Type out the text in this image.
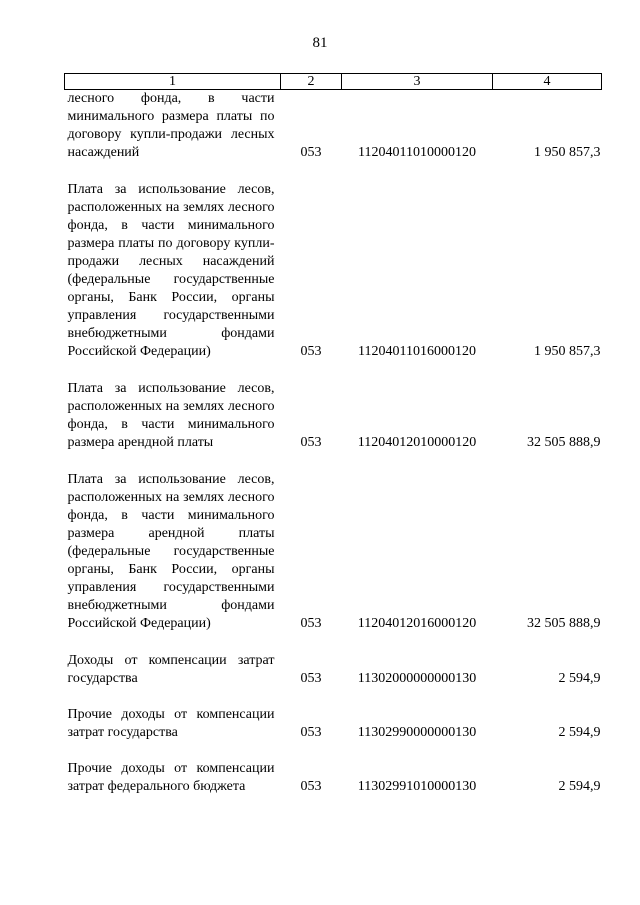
81
1	2	3	4
лесного фонда, в части минимального размера платы по договору купли-продажи лесных насаждений	053	11204011010000120	1 950 857,3

Плата за использование лесов, расположенных на землях лесного фонда, в части минимального размера платы по договору купли-продажи лесных насаждений (федеральные государственные органы, Банк России, органы управления государственными внебюджетными фондами Российской Федерации)	053	11204011016000120	1 950 857,3

Плата за использование лесов, расположенных на землях лесного фонда, в части минимального размера арендной платы	053	11204012010000120	32 505 888,9

Плата за использование лесов, расположенных на землях лесного фонда, в части минимального размера арендной платы (федеральные государственные органы, Банк России, органы управления государственными внебюджетными фондами Российской Федерации)	053	11204012016000120	32 505 888,9

Доходы от компенсации затрат государства	053	11302000000000130	2 594,9

Прочие доходы от компенсации затрат государства	053	11302990000000130	2 594,9

Прочие доходы от компенсации затрат федерального бюджета	053	11302991010000130	2 594,9
